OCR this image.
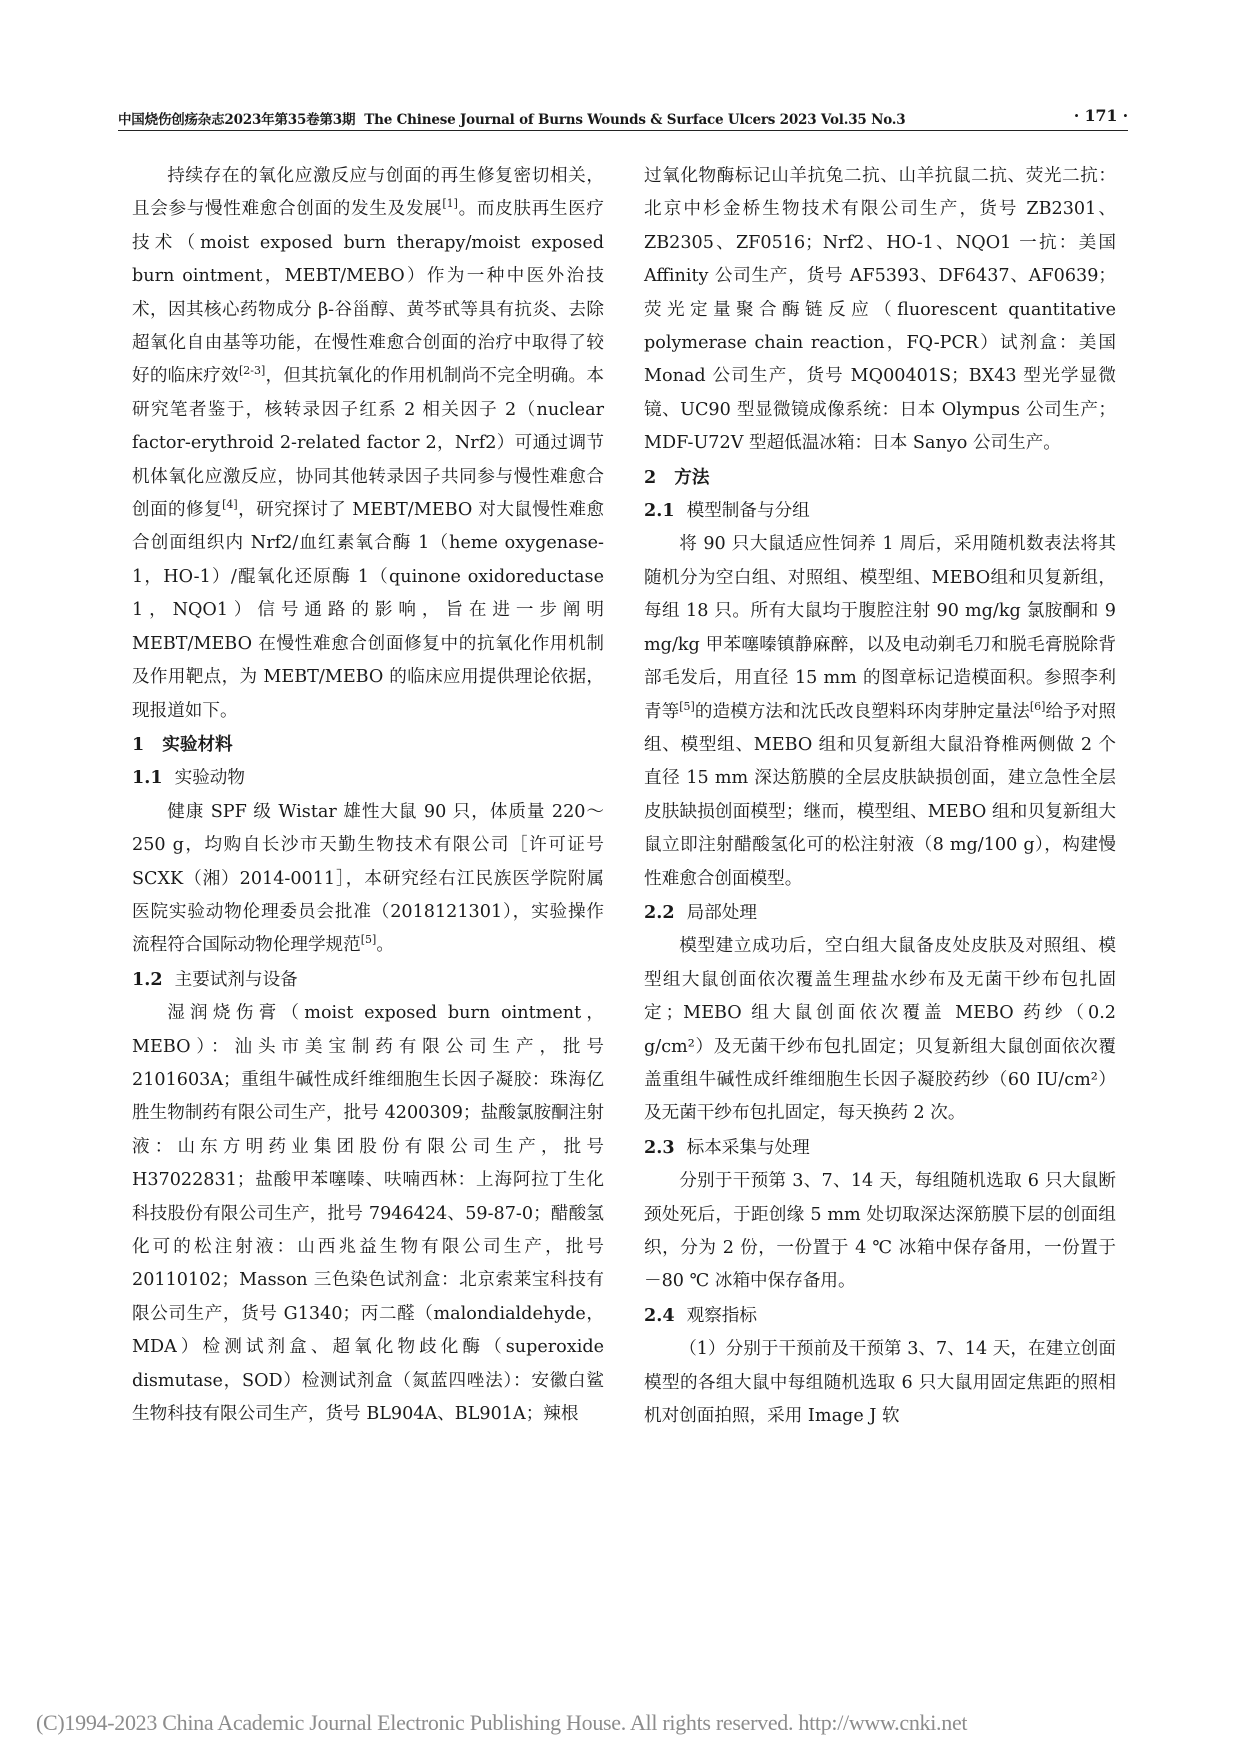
中国烧伤创疡杂志2023年第35卷第3期 The Chinese Journal of Burns Wounds & Surface Ulcers 2023 Vol.35 No.3	· 171 ·

持续存在的氧化应激反应与创面的再生修复密切相关，且会参与慢性难愈合创面的发生及发展[1]。而皮肤再生医疗技术（moist exposed burn therapy/moist exposed burn ointment，MEBT/MEBO）作为一种中医外治技术，因其核心药物成分 β-谷甾醇、黄芩甙等具有抗炎、去除超氧化自由基等功能，在慢性难愈合创面的治疗中取得了较好的临床疗效[2-3]，但其抗氧化的作用机制尚不完全明确。本研究笔者鉴于，核转录因子红系 2 相关因子 2（nuclear factor-erythroid 2-related factor 2，Nrf2）可通过调节机体氧化应激反应，协同其他转录因子共同参与慢性难愈合创面的修复[4]，研究探讨了 MEBT/MEBO 对大鼠慢性难愈合创面组织内 Nrf2/血红素氧合酶 1（heme oxygenase-1，HO-1）/醌氧化还原酶 1（quinone oxidoreductase 1，NQO1）信号通路的影响，旨在进一步阐明 MEBT/MEBO 在慢性难愈合创面修复中的抗氧化作用机制及作用靶点，为 MEBT/MEBO 的临床应用提供理论依据，现报道如下。

1 实验材料
1.1 实验动物

健康 SPF 级 Wistar 雄性大鼠 90 只，体质量 220～250 g，均购自长沙市天勤生物技术有限公司［许可证号 SCXK（湘）2014-0011］，本研究经右江民族医学院附属医院实验动物伦理委员会批准（2018121301），实验操作流程符合国际动物伦理学规范[5]。

1.2 主要试剂与设备

湿润烧伤膏（moist exposed burn ointment，MEBO）：汕头市美宝制药有限公司生产，批号 2101603A；重组牛碱性成纤维细胞生长因子凝胶：珠海亿胜生物制药有限公司生产，批号 4200309；盐酸氯胺酮注射液：山东方明药业集团股份有限公司生产，批号 H37022831；盐酸甲苯噻嗪、呋喃西林：上海阿拉丁生化科技股份有限公司生产，批号 7946424、59-87-0；醋酸氢化可的松注射液：山西兆益生物有限公司生产，批号 20110102；Masson 三色染色试剂盒：北京索莱宝科技有限公司生产，货号 G1340；丙二醛（malondialdehyde，MDA）检测试剂盒、超氧化物歧化酶（superoxide dismutase，SOD）检测试剂盒（氮蓝四唑法）：安徽白鲨生物科技有限公司生产，货号 BL904A、BL901A；辣根

过氧化物酶标记山羊抗兔二抗、山羊抗鼠二抗、荧光二抗：北京中杉金桥生物技术有限公司生产，货号 ZB2301、ZB2305、ZF0516；Nrf2、HO-1、NQO1 一抗：美国 Affinity 公司生产，货号 AF5393、DF6437、AF0639；荧光定量聚合酶链反应（fluorescent quantitative polymerase chain reaction，FQ-PCR）试剂盒：美国 Monad 公司生产，货号 MQ00401S；BX43 型光学显微镜、UC90 型显微镜成像系统：日本 Olympus 公司生产；MDF-U72V 型超低温冰箱：日本 Sanyo 公司生产。

2 方法
2.1 模型制备与分组

将 90 只大鼠适应性饲养 1 周后，采用随机数表法将其随机分为空白组、对照组、模型组、MEBO组和贝复新组，每组 18 只。所有大鼠均于腹腔注射 90 mg/kg 氯胺酮和 9 mg/kg 甲苯噻嗪镇静麻醉，以及电动剃毛刀和脱毛膏脱除背部毛发后，用直径 15 mm 的图章标记造模面积。参照李利青等[5]的造模方法和沈氏改良塑料环肉芽肿定量法[6]给予对照组、模型组、MEBO 组和贝复新组大鼠沿脊椎两侧做 2 个直径 15 mm 深达筋膜的全层皮肤缺损创面，建立急性全层皮肤缺损创面模型；继而，模型组、MEBO 组和贝复新组大鼠立即注射醋酸氢化可的松注射液（8 mg/100 g），构建慢性难愈合创面模型。

2.2 局部处理

模型建立成功后，空白组大鼠备皮处皮肤及对照组、模型组大鼠创面依次覆盖生理盐水纱布及无菌干纱布包扎固定；MEBO 组大鼠创面依次覆盖 MEBO 药纱（0.2 g/cm²）及无菌干纱布包扎固定；贝复新组大鼠创面依次覆盖重组牛碱性成纤维细胞生长因子凝胶药纱（60 IU/cm²）及无菌干纱布包扎固定，每天换药 2 次。

2.3 标本采集与处理

分别于干预第 3、7、14 天，每组随机选取 6 只大鼠断颈处死后，于距创缘 5 mm 处切取深达深筋膜下层的创面组织，分为 2 份，一份置于 4 ℃ 冰箱中保存备用，一份置于 －80 ℃ 冰箱中保存备用。

2.4 观察指标

（1）分别于干预前及干预第 3、7、14 天，在建立创面模型的各组大鼠中每组随机选取 6 只大鼠用固定焦距的照相机对创面拍照，采用 Image J 软

(C)1994-2023 China Academic Journal Electronic Publishing House. All rights reserved. http://www.cnki.net
